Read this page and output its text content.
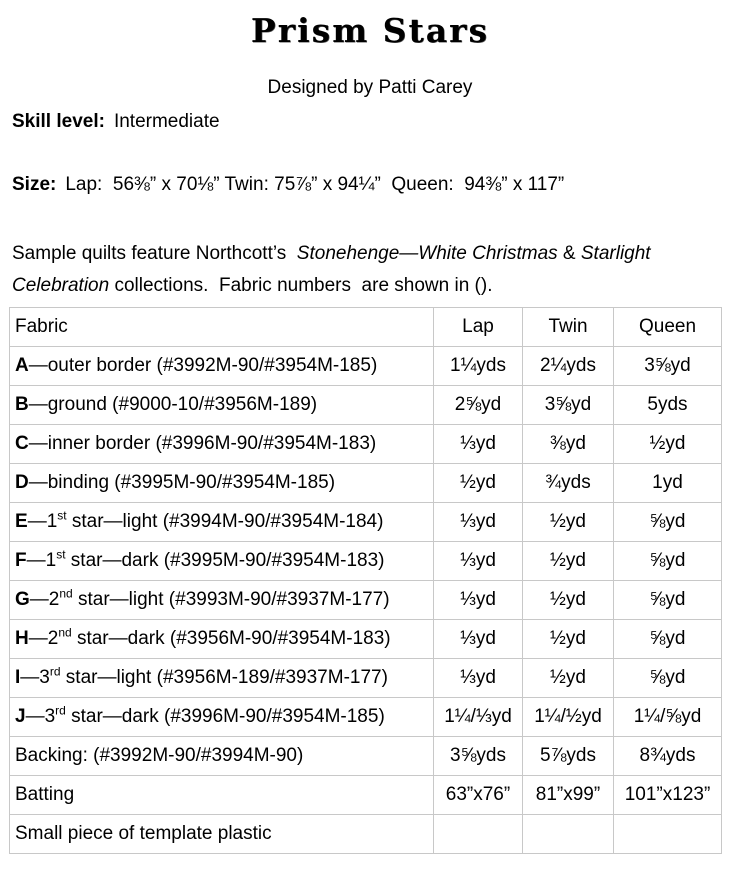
Prism Stars
Designed by Patti Carey
Skill level: Intermediate
Size: Lap:  56⅜” x 70⅛” Twin: 75⅞” x 94¼”  Queen:  94⅜” x 117”
Sample quilts feature Northcott’s  Stonehenge—White Christmas & Starlight
Celebration collections.  Fabric numbers  are shown in ().
Fabric	Lap	Twin	Queen
A—outer border (#3992M-90/#3954M-185)	1¼yds	2¼yds	3⅝yd
B—ground (#9000-10/#3956M-189)	2⅝yd	3⅝yd	5yds
C—inner border (#3996M-90/#3954M-183)	⅓yd	⅜yd	½yd
D—binding (#3995M-90/#3954M-185)	½yd	¾yds	1yd
E—1st star—light (#3994M-90/#3954M-184)	⅓yd	½yd	⅝yd
F—1st star—dark (#3995M-90/#3954M-183)	⅓yd	½yd	⅝yd
G—2nd star—light (#3993M-90/#3937M-177)	⅓yd	½yd	⅝yd
H—2nd star—dark (#3956M-90/#3954M-183)	⅓yd	½yd	⅝yd
I—3rd star—light (#3956M-189/#3937M-177)	⅓yd	½yd	⅝yd
J—3rd star—dark (#3996M-90/#3954M-185)	1¼/⅓yd	1¼/½yd	1¼/⅝yd
Backing: (#3992M-90/#3994M-90)	3⅝yds	5⅞yds	8¾yds
Batting	63”x76”	81”x99”	101”x123”
Small piece of template plastic			
